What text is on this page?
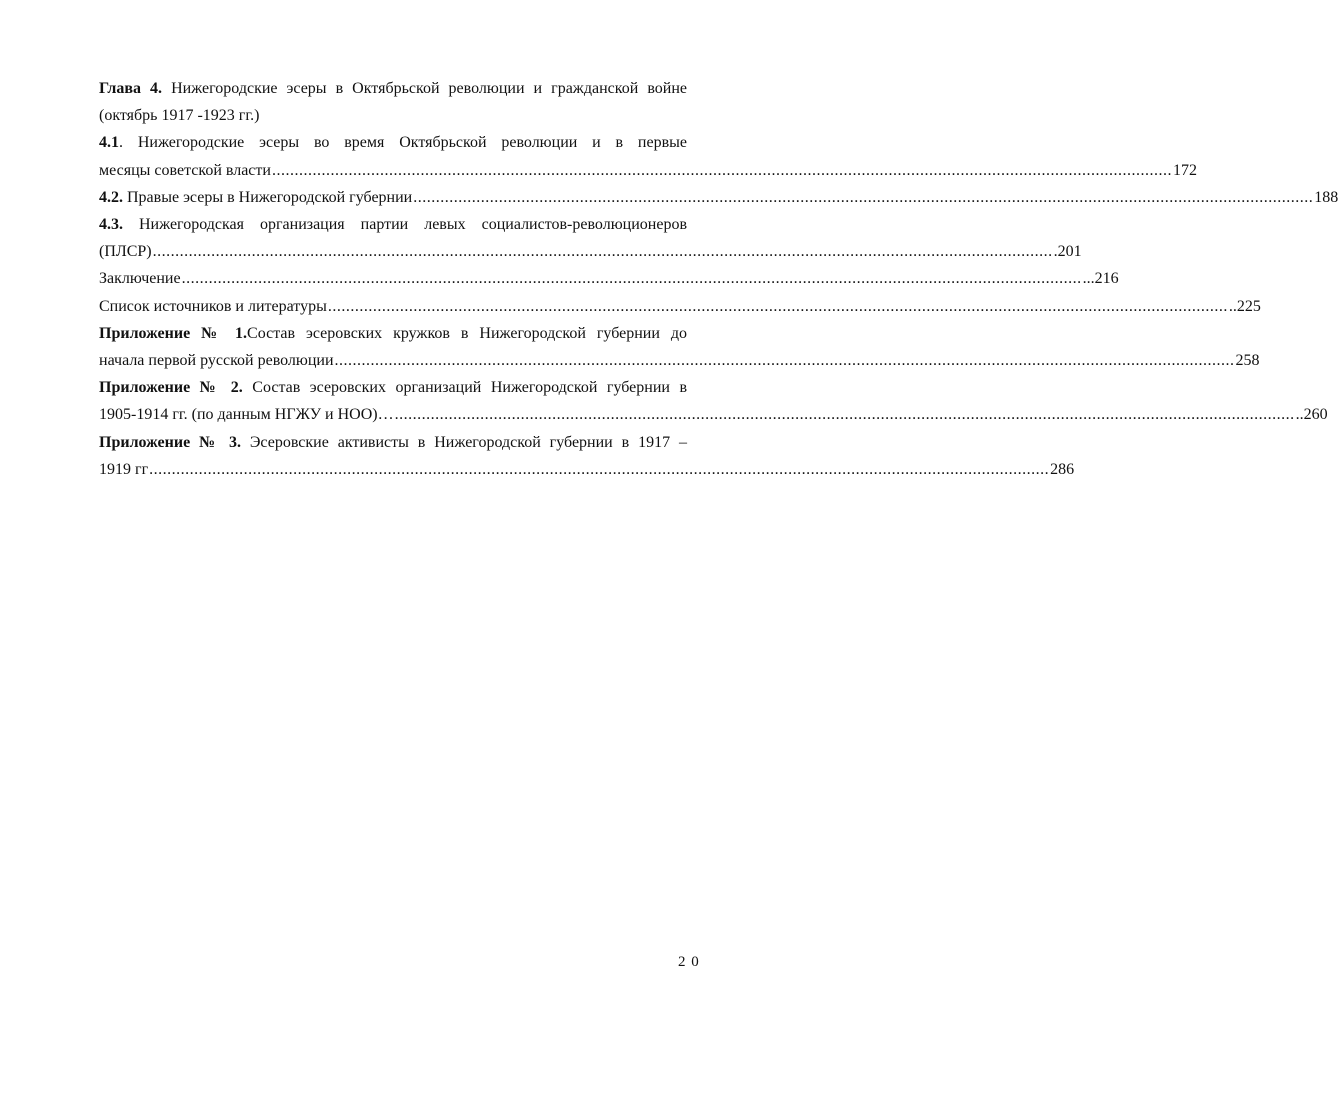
Глава 4. Нижегородские эсеры в Октябрьской революции и гражданской войне
(октябрь 1917 -1923 гг.)
4.1. Нижегородские эсеры во время Октябрьской революции и в первые
месяцы советской власти ........................................................................................................................................................................................................ 172
4.2. Правые эсеры в Нижегородской губернии ........................................................................................................................................................................................................ 188
4.3. Нижегородская организация партии левых социалистов-революционеров
(ПЛСР) ........................................................................................................................................................................................................ .201
Заключение ........................................................................................................................................................................................................ ...216
Список источников и литературы ........................................................................................................................................................................................................ ..225
Приложение № 1.Состав эсеровских кружков в Нижегородской губернии до
начала первой русской революции ........................................................................................................................................................................................................ 258
Приложение № 2. Состав эсеровских организаций Нижегородской губернии в
1905-1914 гг. (по данным НГЖУ и НОО)… ........................................................................................................................................................................................................ ..260
Приложение № 3. Эсеровские активисты в Нижегородской губернии в 1917 –
1919 гг ........................................................................................................................................................................................................ 286
2 0
